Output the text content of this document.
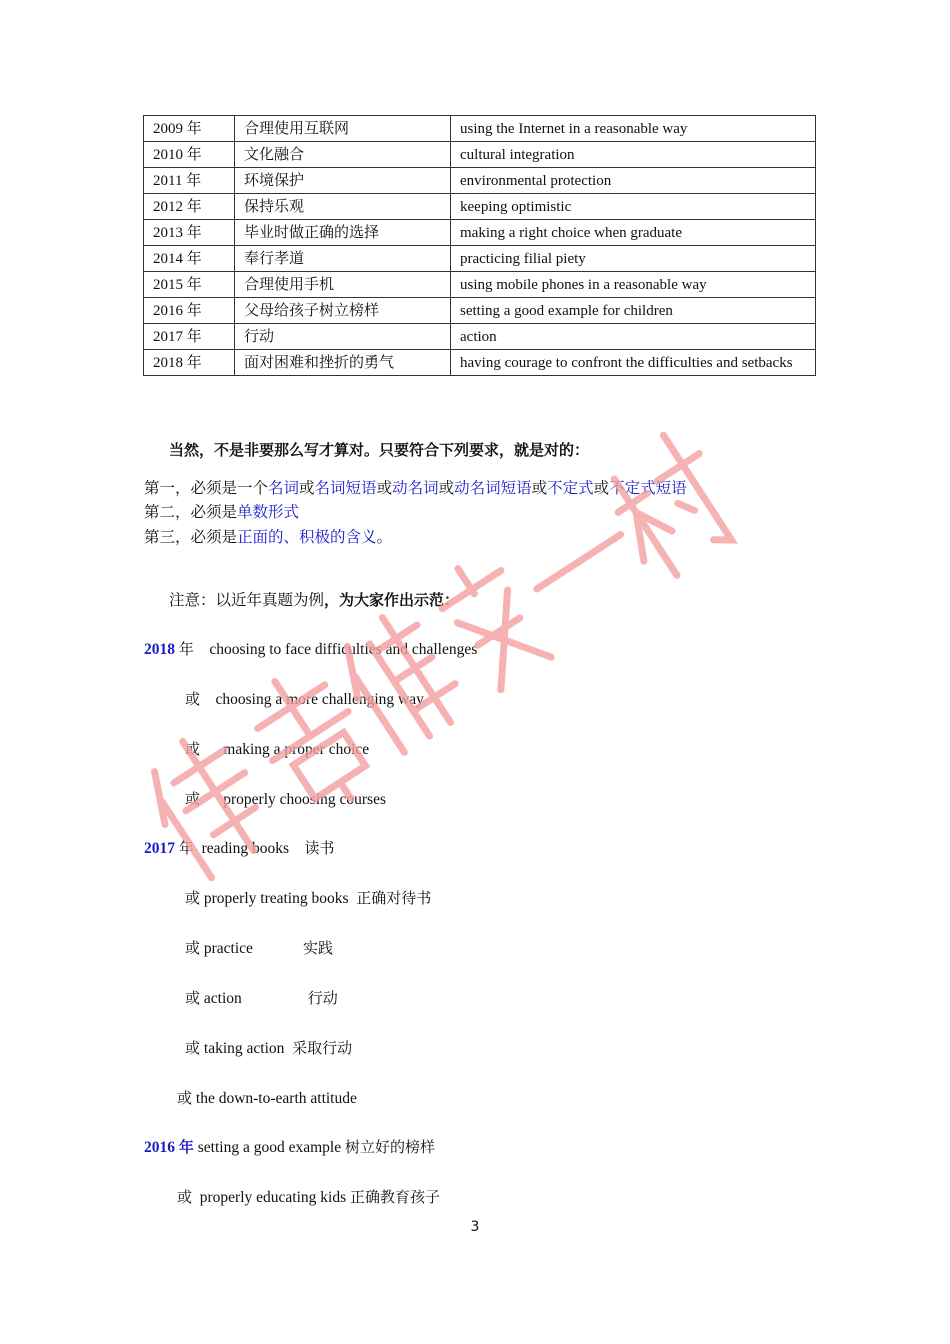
2009 年	合理使用互联网	using the Internet in a reasonable way
2010 年	文化融合	cultural integration
2011 年	环境保护	environmental protection
2012 年	保持乐观	keeping optimistic
2013 年	毕业时做正确的选择	making a right choice when graduate
2014 年	奉行孝道	practicing filial piety
2015 年	合理使用手机	using mobile phones in a reasonable way
2016 年	父母给孩子树立榜样	setting a good example for children
2017 年	行动	action
2018 年	面对困难和挫折的勇气	having courage to confront the difficulties and setbacks
当然，不是非要那么写才算对。只要符合下列要求，就是对的：
第一，必须是一个名词或名词短语或动名词或动名词短语或不定式或不定式短语
第二，必须是单数形式
第三，必须是正面的、积极的含义。
注意：以近年真题为例，为大家作出示范：
2018 年 choosing to face difficulties and challenges
或 choosing a more challenging way
或 making a proper choice
或 properly choosing courses
2017 年 reading books 读书
或 properly treating books 正确对待书
或 practice	实践
或 action	行动
或 taking action 采取行动
或 the down-to-earth attitude
2016 年 setting a good example 树立好的榜样
或 properly educating kids 正确教育孩子
3
